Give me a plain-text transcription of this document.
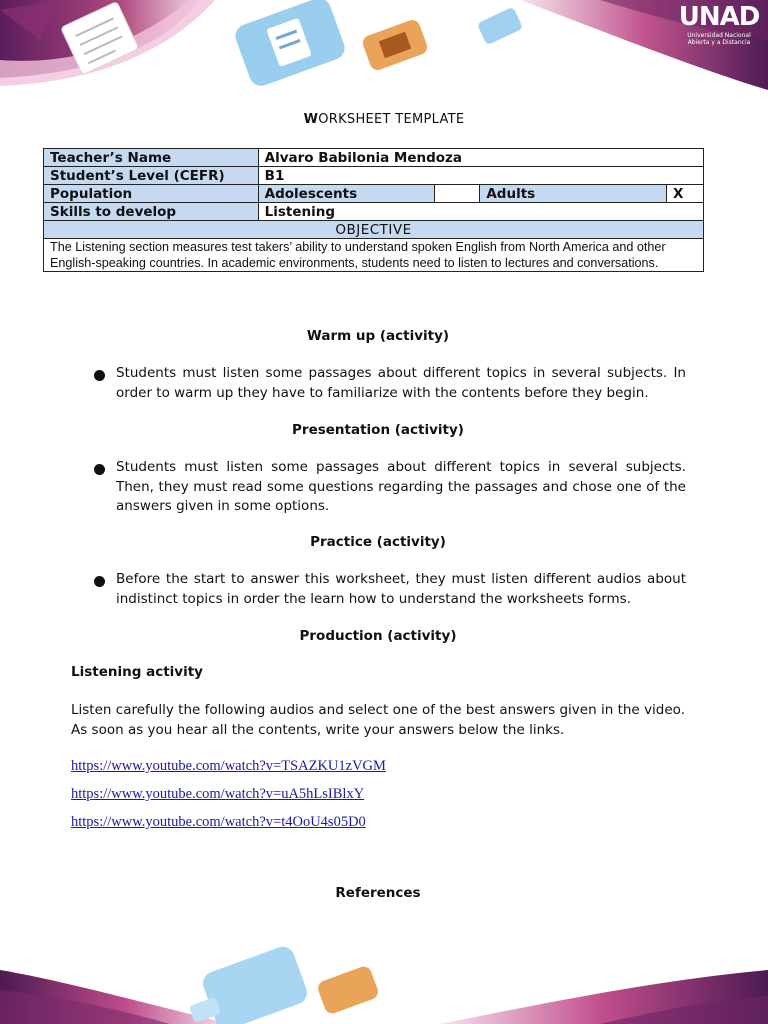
UNAD
Universidad Nacional Abierta y a Distancia
WORKSHEET TEMPLATE
Teacher’s Name	Alvaro Babilonia Mendoza			
Student’s Level (CEFR)	B1			
Population	Adolescents		Adults	X
Skills to develop	Listening			
OBJECTIVE				
The Listening section measures test takers’ ability to understand spoken English from North America and other English-speaking countries. In academic environments, students need to listen to lectures and conversations.				
Warm up (activity)
Students must listen some passages about different topics in several subjects. In order to warm up they have to familiarize with the contents before they begin.
Presentation (activity)
Students must listen some passages about different topics in several subjects. Then, they must read some questions regarding the passages and chose one of the answers given in some options.
Practice (activity)
Before the start to answer this worksheet, they must listen different audios about indistinct topics in order the learn how to understand the worksheets forms.
Production (activity)
Listening activity
Listen carefully the following audios and select one of the best answers given in the video. As soon as you hear all the contents, write your answers below the links.
https://www.youtube.com/watch?v=TSAZKU1zVGM
https://www.youtube.com/watch?v=uA5hLsIBlxY
https://www.youtube.com/watch?v=t4OoU4s05D0
References
